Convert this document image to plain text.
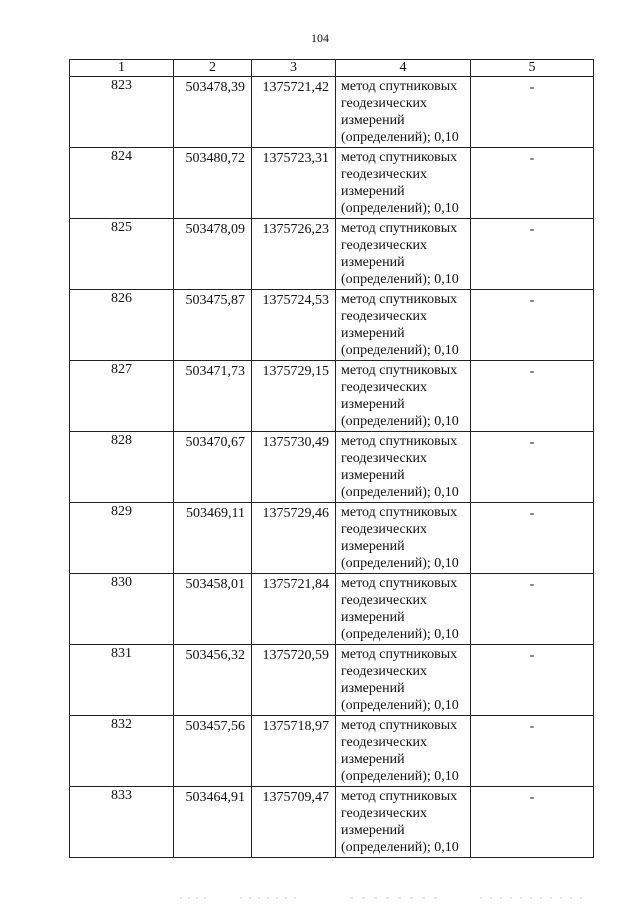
104
1	2	3	4	5
823	503478,39	1375721,42	метод спутниковых
геодезических
измерений
(определений); 0,10	-
824	503480,72	1375723,31	метод спутниковых
геодезических
измерений
(определений); 0,10	-
825	503478,09	1375726,23	метод спутниковых
геодезических
измерений
(определений); 0,10	-
826	503475,87	1375724,53	метод спутниковых
геодезических
измерений
(определений); 0,10	-
827	503471,73	1375729,15	метод спутниковых
геодезических
измерений
(определений); 0,10	-
828	503470,67	1375730,49	метод спутниковых
геодезических
измерений
(определений); 0,10	-
829	503469,11	1375729,46	метод спутниковых
геодезических
измерений
(определений); 0,10	-
830	503458,01	1375721,84	метод спутниковых
геодезических
измерений
(определений); 0,10	-
831	503456,32	1375720,59	метод спутниковых
геодезических
измерений
(определений); 0,10	-
832	503457,56	1375718,97	метод спутниковых
геодезических
измерений
(определений); 0,10	-
833	503464,91	1375709,47	метод спутниковых
геодезических
измерений
(определений); 0,10	-
